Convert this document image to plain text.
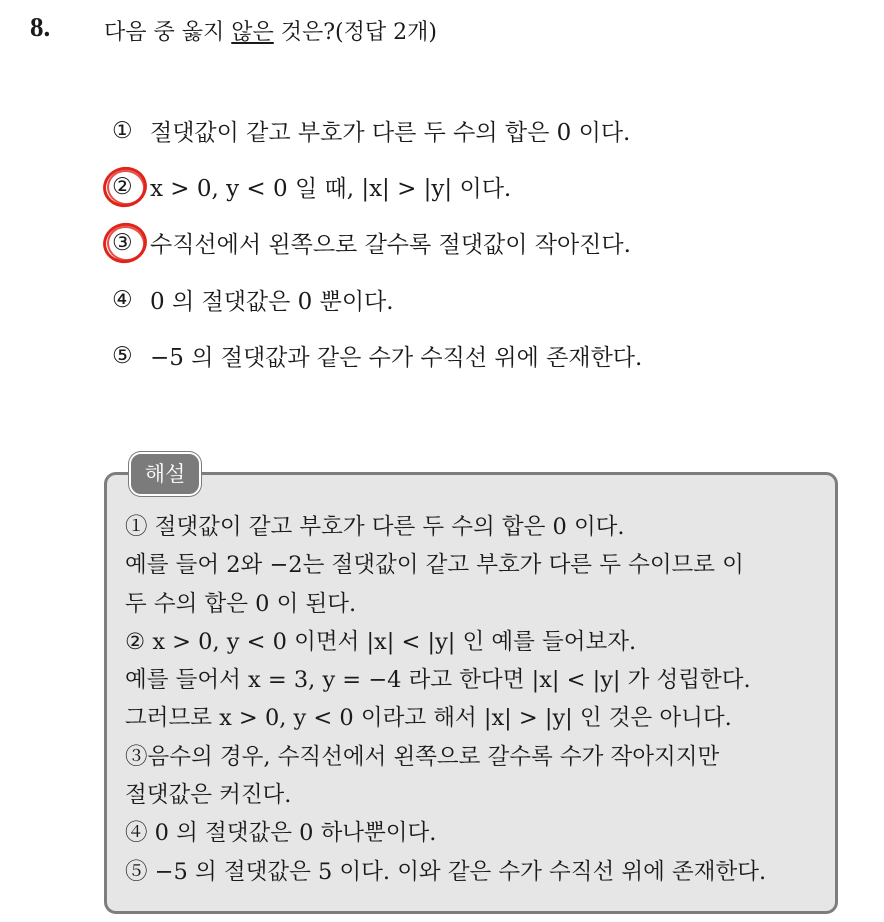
8. 다음 중 옳지 않은 것은?(정답 2개)
① 절댓값이 같고 부호가 다른 두 수의 합은 0 이다.
② x > 0, y < 0 일 때, |x| > |y| 이다.
③ 수직선에서 왼쪽으로 갈수록 절댓값이 작아진다.
④ 0 의 절댓값은 0 뿐이다.
⑤ −5 의 절댓값과 같은 수가 수직선 위에 존재한다.
해설
① 절댓값이 같고 부호가 다른 두 수의 합은 0 이다.
예를 들어 2와 −2는 절댓값이 같고 부호가 다른 두 수이므로 이
두 수의 합은 0 이 된다.
② x > 0, y < 0 이면서 |x| < |y| 인 예를 들어보자.
예를 들어서 x = 3, y = −4 라고 한다면 |x| < |y| 가 성립한다.
그러므로 x > 0, y < 0 이라고 해서 |x| > |y| 인 것은 아니다.
③음수의 경우, 수직선에서 왼쪽으로 갈수록 수가 작아지지만
절댓값은 커진다.
④ 0 의 절댓값은 0 하나뿐이다.
⑤ −5 의 절댓값은 5 이다. 이와 같은 수가 수직선 위에 존재한다.
